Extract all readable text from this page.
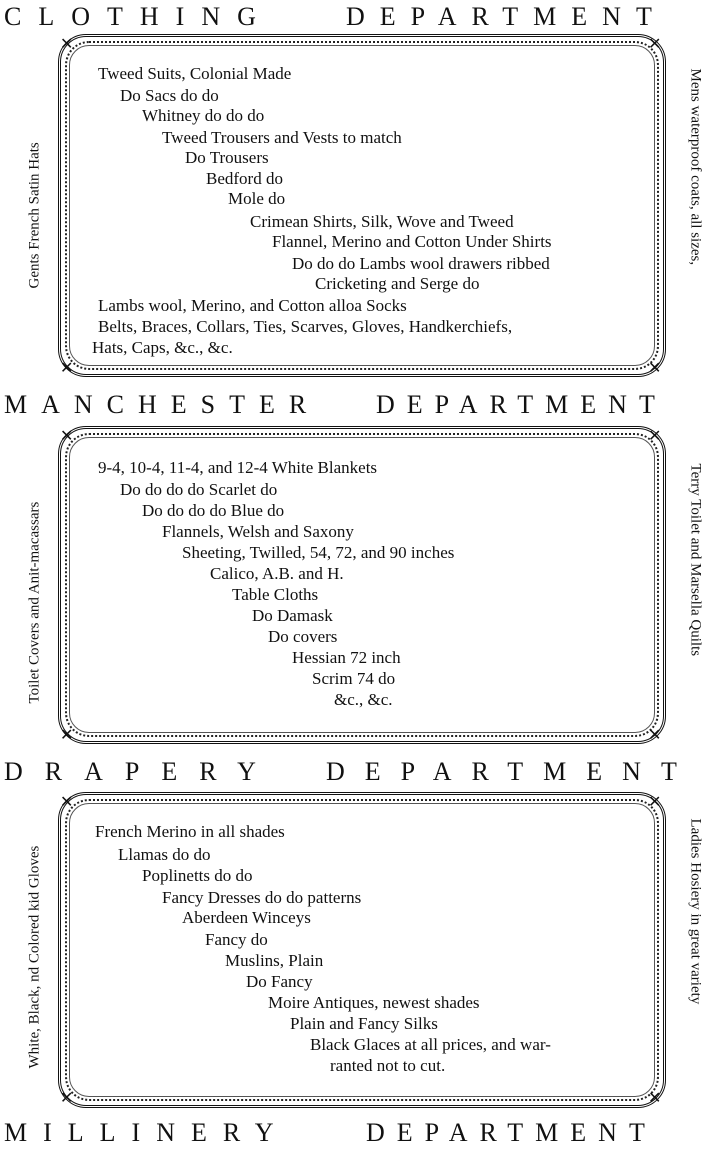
CLOTHING	DEPARTMENT
Gents French Satin Hats	Mens waterproof coats, all sizes,
Tweed Suits, Colonial Made
Do Sacs do do
Whitney do do do
Tweed Trousers and Vests to match
Do Trousers
Bedford do
Mole do
Crimean Shirts, Silk, Wove and Tweed
Flannel, Merino and Cotton Under Shirts
Do do do Lambs wool drawers ribbed
Cricketing and Serge do
Lambs wool, Merino, and Cotton alloa Socks
Belts, Braces, Collars, Ties, Scarves, Gloves, Handkerchiefs,
Hats, Caps, &c., &c.
MANCHESTER	DEPARTMENT
Toilet Covers and Anit-macassars	Terry Toilet and Marsella Quilts
9-4, 10-4, 11-4, and 12-4 White Blankets
Do do do do Scarlet do
Do do do do Blue do
Flannels, Welsh and Saxony
Sheeting, Twilled, 54, 72, and 90 inches
Calico, A.B. and H.
Table Cloths
Do Damask
Do covers
Hessian 72 inch
Scrim 74 do
&c., &c.
DRAPERY DEPARTMENT
White, Black, nd Colored kid Gloves	Ladies Hosiery in great variety
French Merino in all shades
Llamas do do
Poplinetts do do
Fancy Dresses do do patterns
Aberdeen Winceys
Fancy do
Muslins, Plain
Do Fancy
Moire Antiques, newest shades
Plain and Fancy Silks
Black Glaces at all prices, and war-
ranted not to cut.
MILLINERY	DEPARTMENT
✕	✕
✕	✕
✕	✕
✕	✕
✕	✕
✕	✕
